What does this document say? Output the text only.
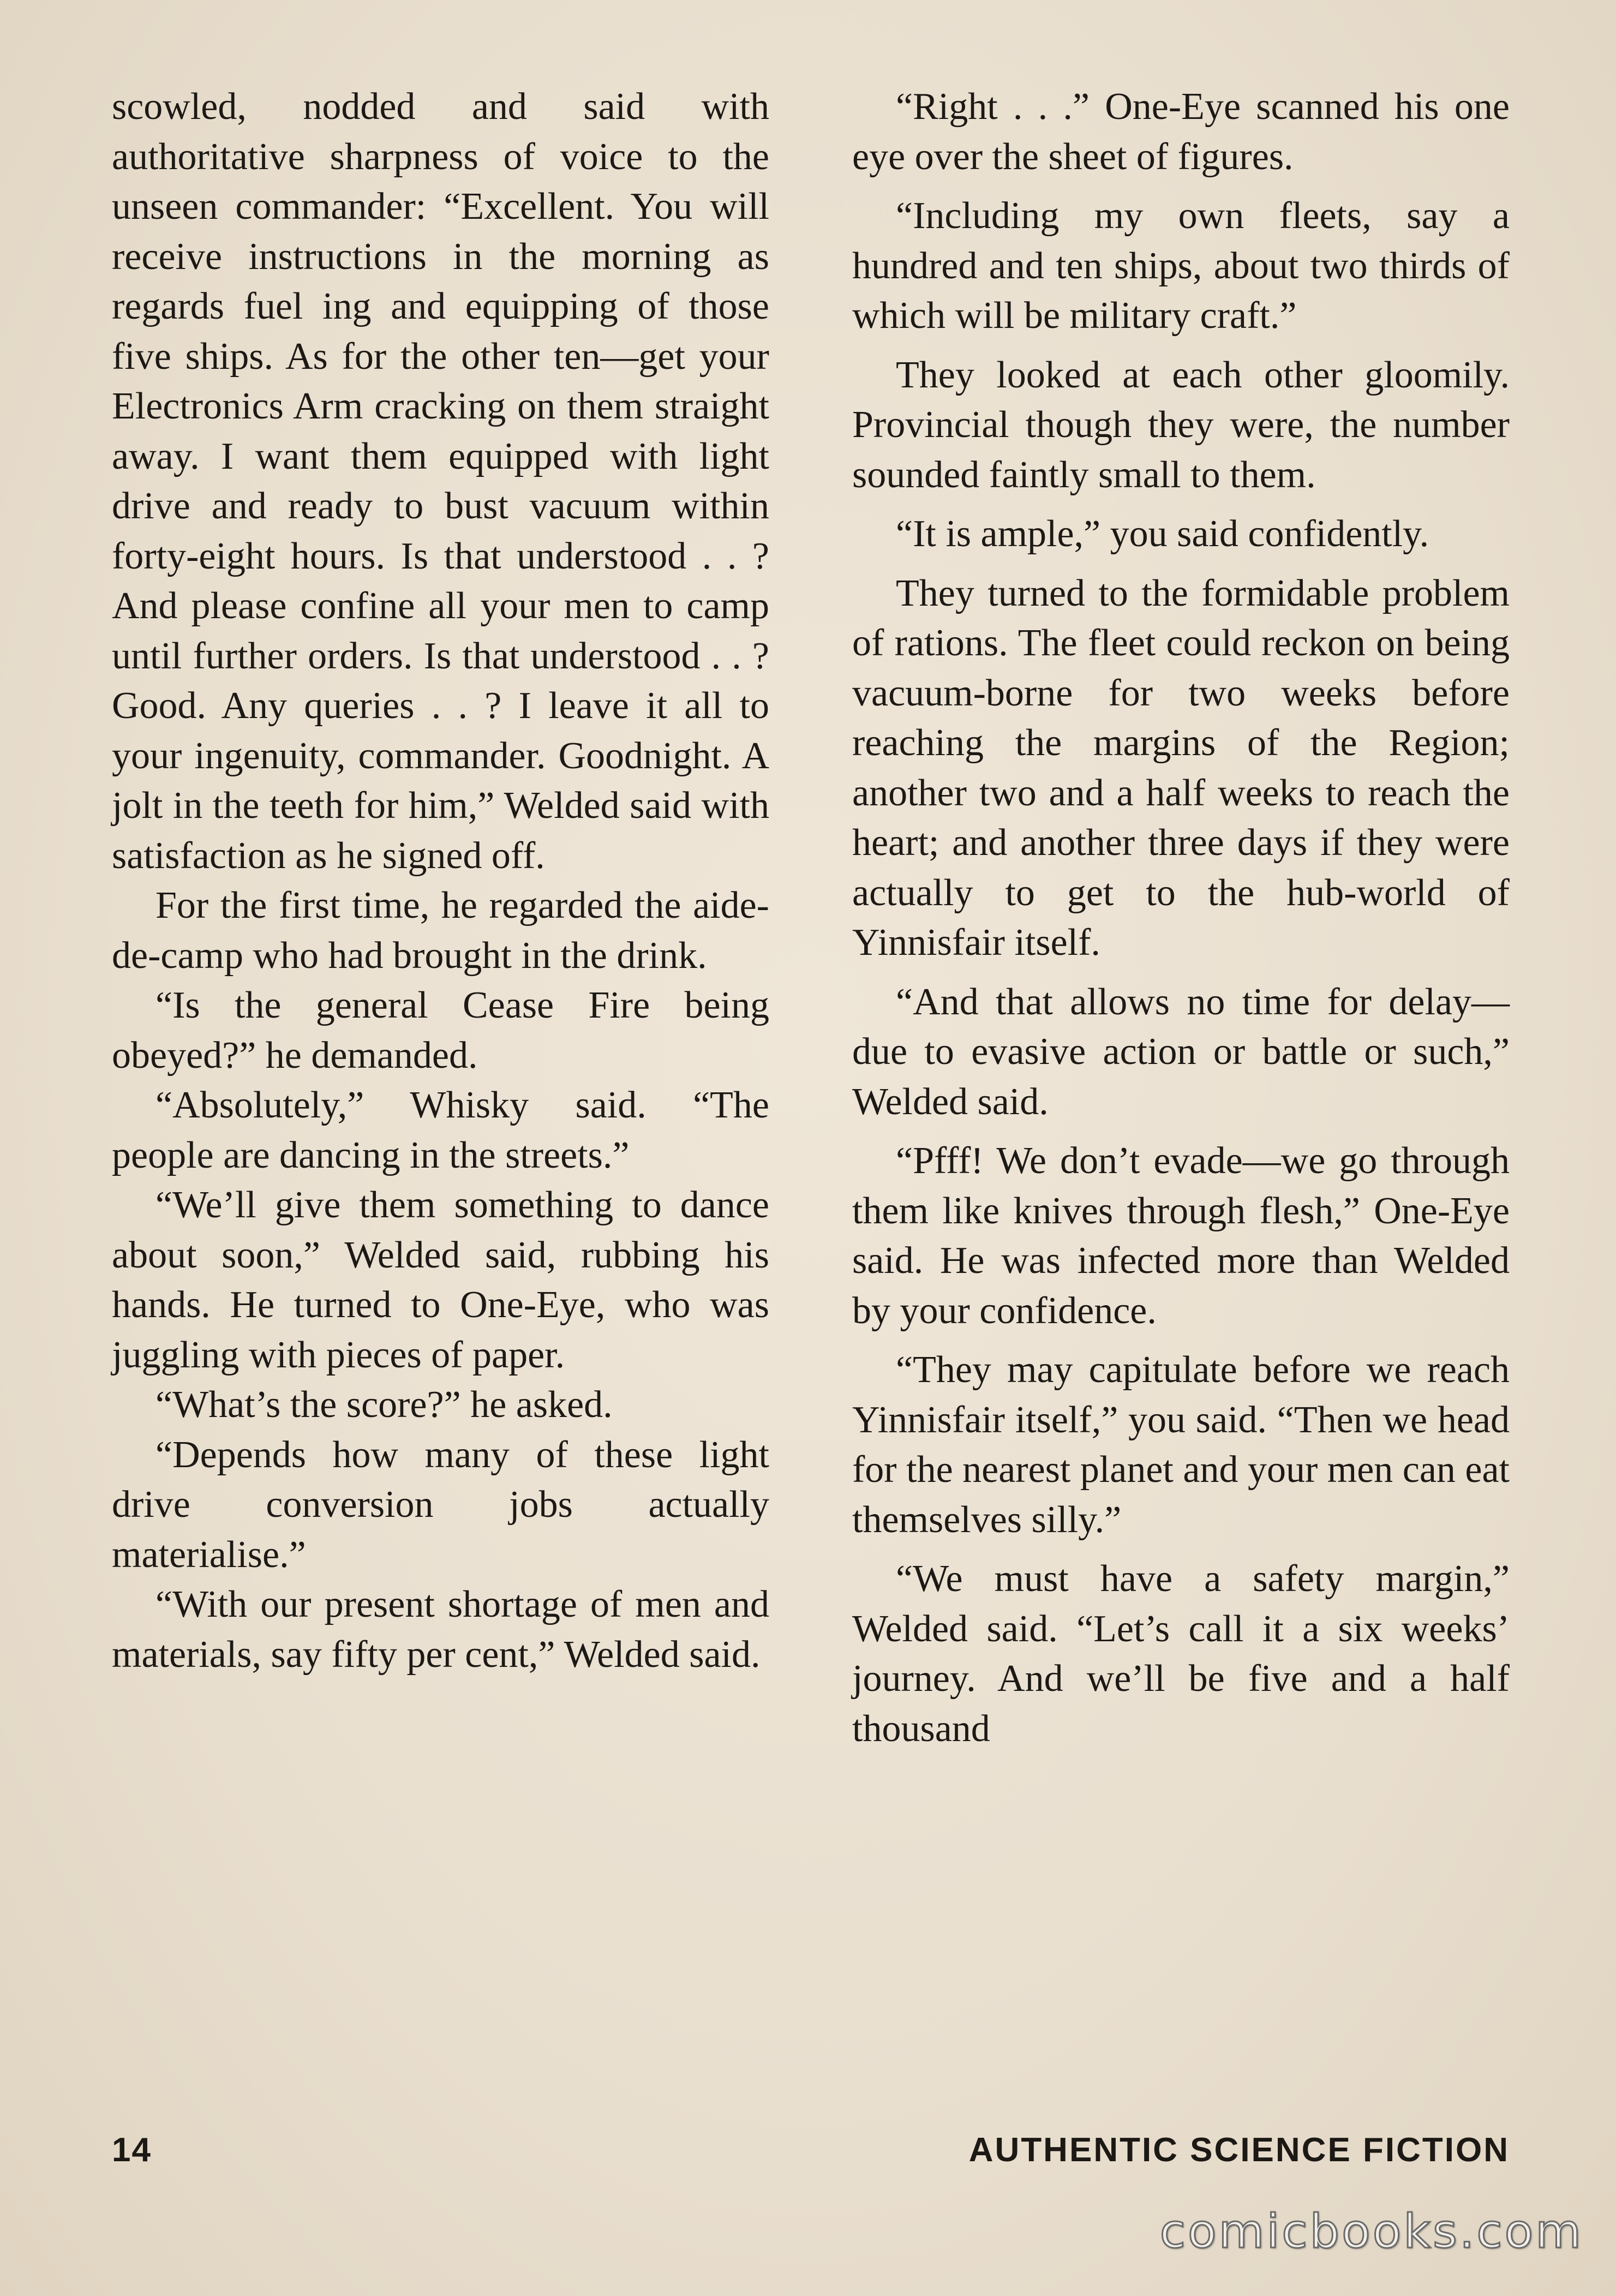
scowled, nodded and said with authoritative sharpness of voice to the unseen commander: “Excellent. You will receive instructions in the morning as regards fuel ing and equipping of those five ships. As for the other ten—get your Electronics Arm cracking on them straight away. I want them equipped with light drive and ready to bust vacuum within forty-eight hours. Is that understood . . ? And please confine all your men to camp until further orders. Is that understood . . ? Good. Any queries . . ? I leave it all to your ingenuity, commander. Goodnight. A jolt in the teeth for him,” Welded said with satisfaction as he signed off.

For the first time, he regarded the aide-de-camp who had brought in the drink.

“Is the general Cease Fire being obeyed?” he demanded.

“Absolutely,” Whisky said. “The people are dancing in the streets.”

“We’ll give them something to dance about soon,” Welded said, rubbing his hands. He turned to One-Eye, who was juggling with pieces of paper.

“What’s the score?” he asked.

“Depends how many of these light drive conversion jobs actually materialise.”

“With our present shortage of men and materials, say fifty per cent,” Welded said.

“Right . . .” One-Eye scanned his one eye over the sheet of figures.

“Including my own fleets, say a hundred and ten ships, about two thirds of which will be military craft.”

They looked at each other gloomily. Provincial though they were, the number sounded faintly small to them.

“It is ample,” you said confidently.

They turned to the formidable problem of rations. The fleet could reckon on being vacuum-borne for two weeks before reaching the margins of the Region; another two and a half weeks to reach the heart; and another three days if they were actually to get to the hub-world of Yinnisfair itself.

“And that allows no time for delay—due to evasive action or battle or such,” Welded said.

“Pfff! We don’t evade—we go through them like knives through flesh,” One-Eye said. He was infected more than Welded by your confidence.

“They may capitulate before we reach Yinnisfair itself,” you said. “Then we head for the nearest planet and your men can eat themselves silly.”

“We must have a safety margin,” Welded said. “Let’s call it a six weeks’ journey. And we’ll be five and a half thousand

14	AUTHENTIC SCIENCE FICTION
comicbooks.com
